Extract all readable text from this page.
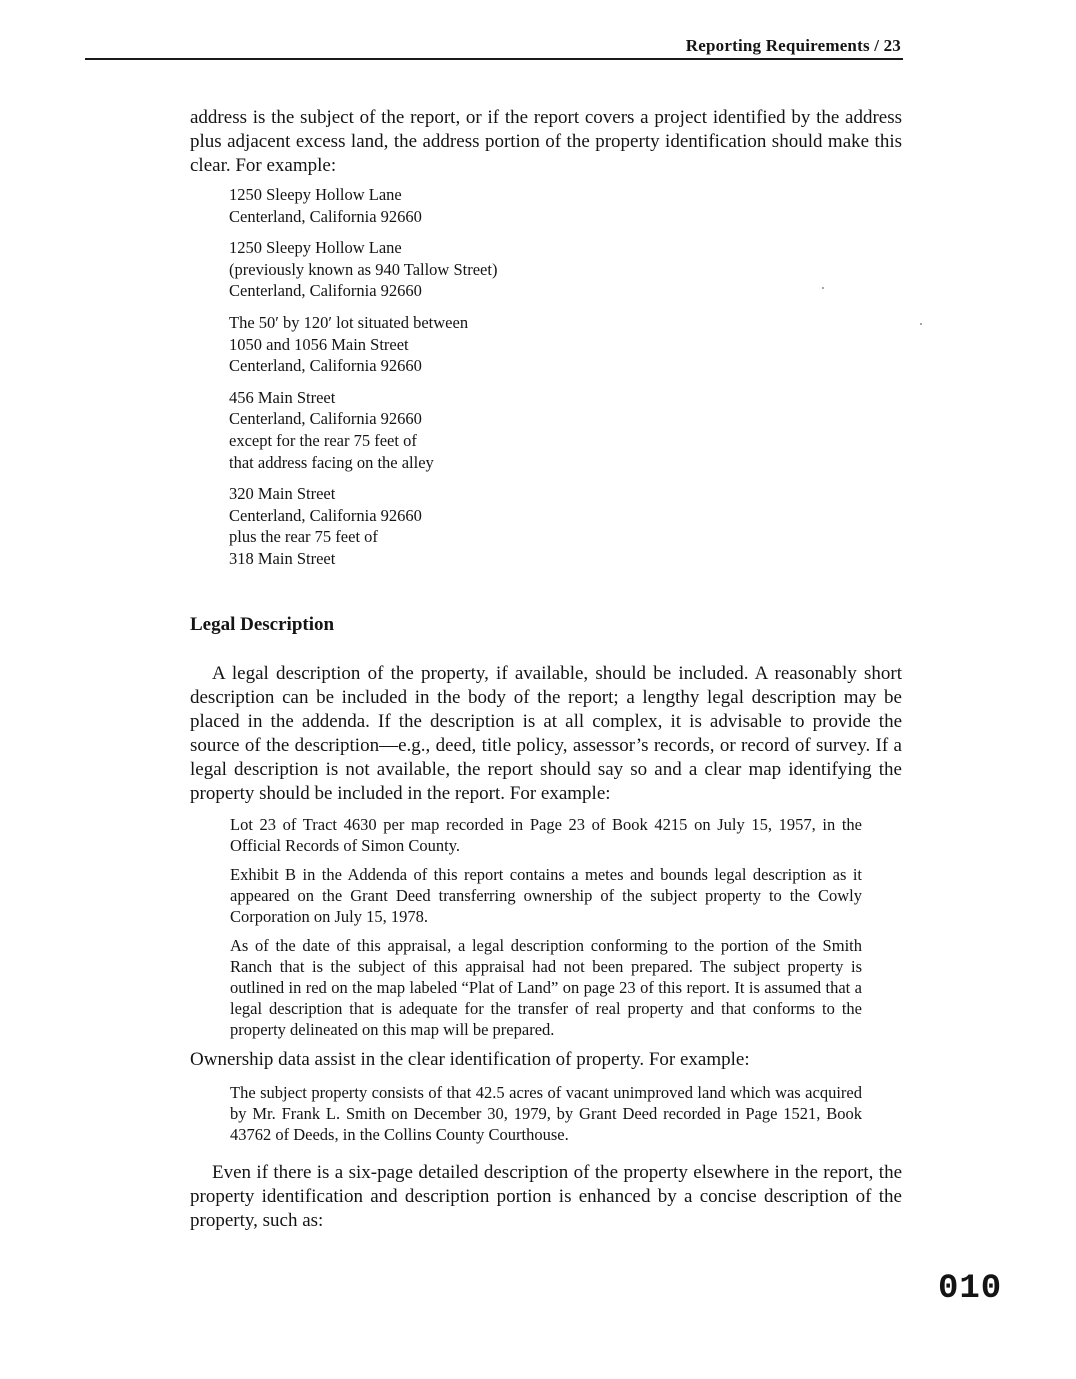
Reporting Requirements / 23

address is the subject of the report, or if the report covers a project identified by the address plus adjacent excess land, the address portion of the property identification should make this clear. For example:

1250 Sleepy Hollow Lane
Centerland, California 92660
1250 Sleepy Hollow Lane
(previously known as 940 Tallow Street)
Centerland, California 92660
The 50′ by 120′ lot situated between
1050 and 1056 Main Street
Centerland, California 92660
456 Main Street
Centerland, California 92660
except for the rear 75 feet of
that address facing on the alley
320 Main Street
Centerland, California 92660
plus the rear 75 feet of
318 Main Street
Legal Description

A legal description of the property, if available, should be included. A reasonably short description can be included in the body of the report; a lengthy legal description may be placed in the addenda. If the description is at all complex, it is advisable to provide the source of the description—e.g., deed, title policy, assessor’s records, or record of survey. If a legal description is not available, the report should say so and a clear map identifying the property should be included in the report. For example:

Lot 23 of Tract 4630 per map recorded in Page 23 of Book 4215 on July 15, 1957, in the Official Records of Simon County.

Exhibit B in the Addenda of this report contains a metes and bounds legal description as it appeared on the Grant Deed transferring ownership of the subject property to the Cowly Corporation on July 15, 1978.

As of the date of this appraisal, a legal description conforming to the portion of the Smith Ranch that is the subject of this appraisal had not been prepared. The subject property is outlined in red on the map labeled “Plat of Land” on page 23 of this report. It is assumed that a legal description that is adequate for the transfer of real property and that conforms to the property delineated on this map will be prepared.

Ownership data assist in the clear identification of property. For example:

The subject property consists of that 42.5 acres of vacant unimproved land which was acquired by Mr. Frank L. Smith on December 30, 1979, by Grant Deed recorded in Page 1521, Book 43762 of Deeds, in the Collins County Courthouse.

Even if there is a six-page detailed description of the property elsewhere in the report, the property identification and description portion is enhanced by a concise description of the property, such as:

010
